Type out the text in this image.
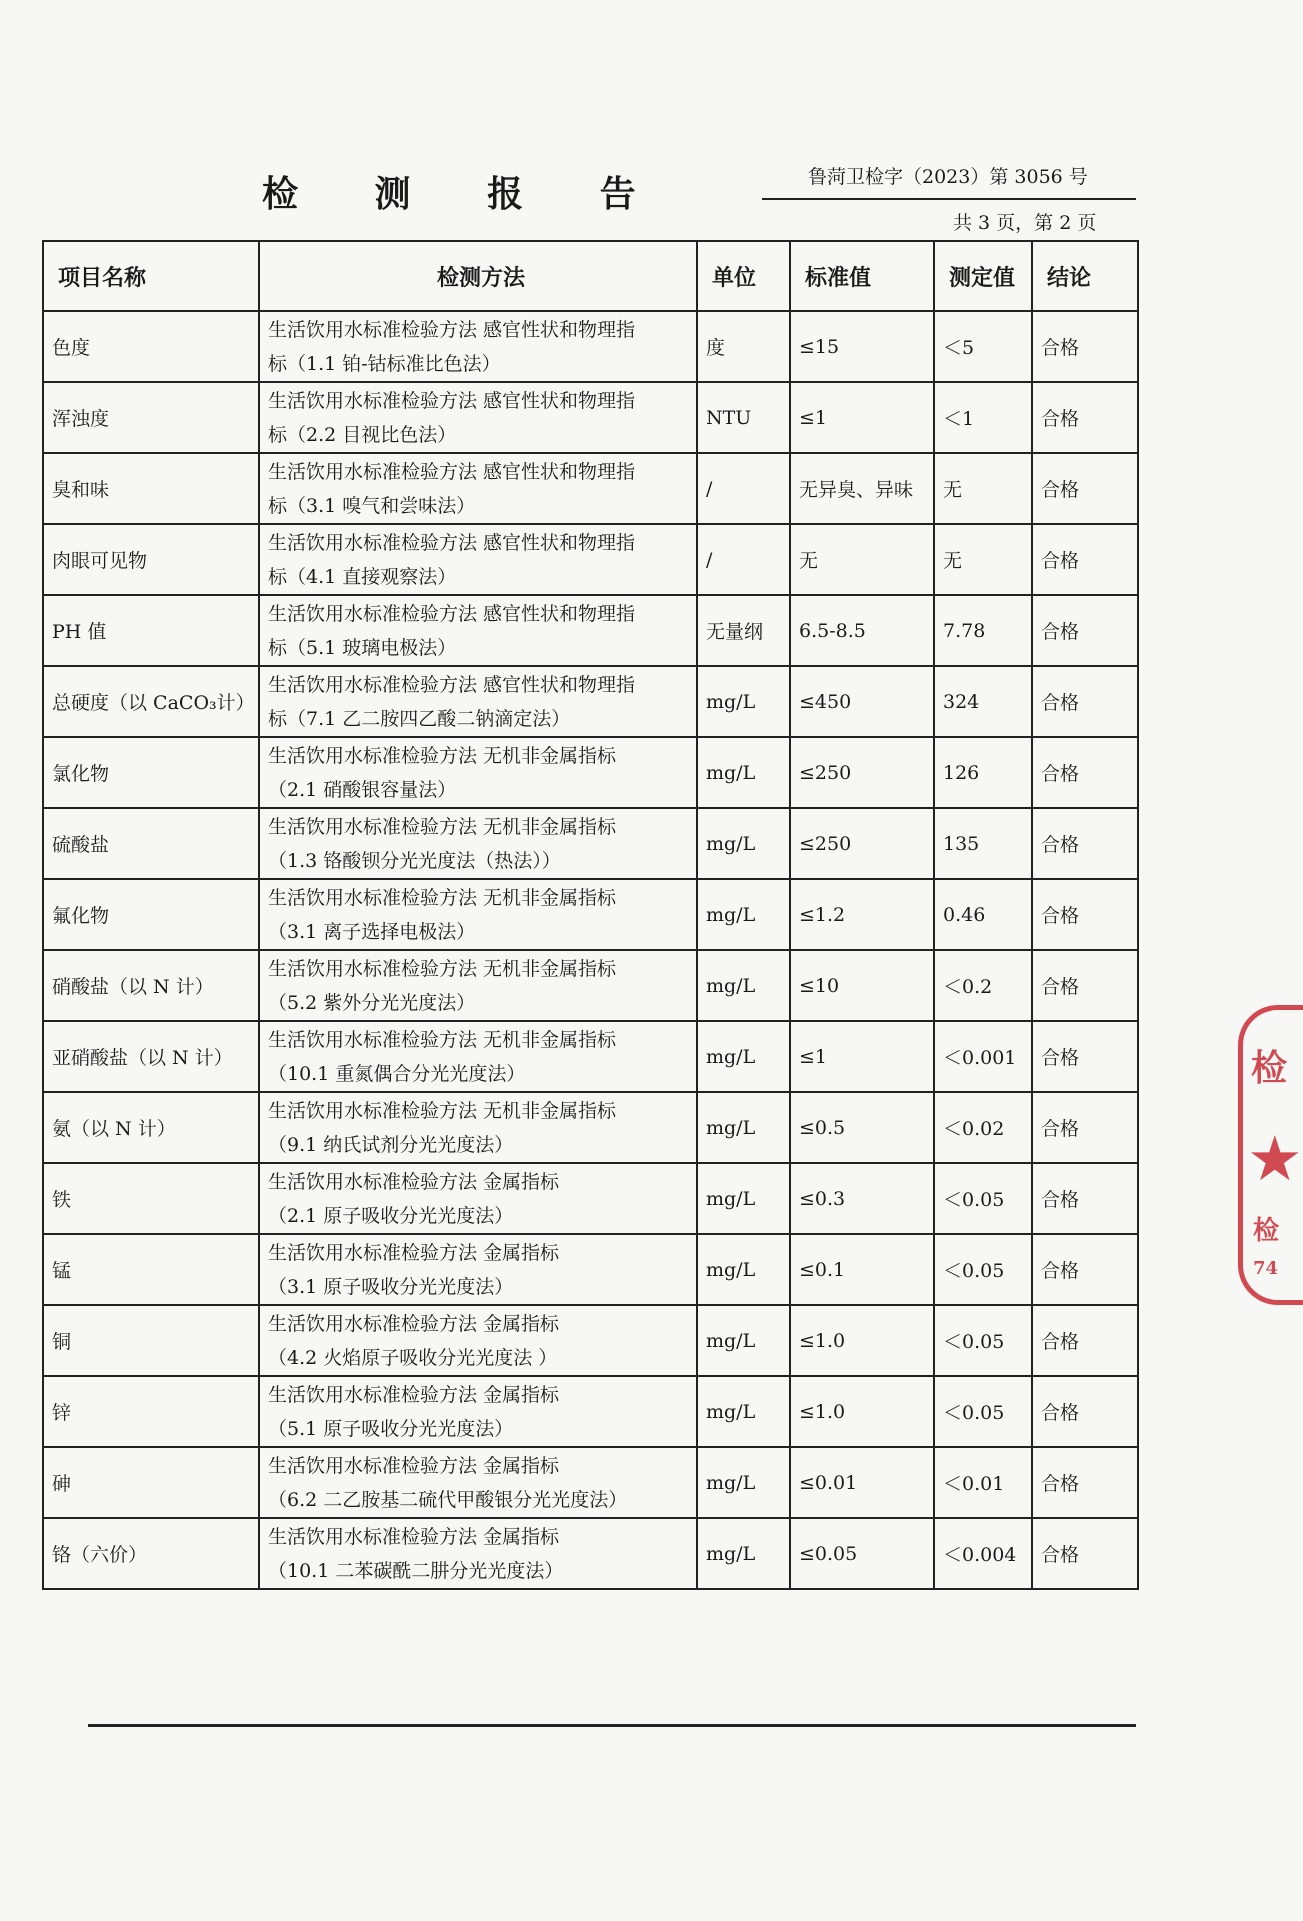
检 测 报 告	鲁菏卫检字（2023）第 3056 号
共 3 页，第 2 页
项目名称	检测方法	单位	标准值	测定值	结论
色度	生活饮用水标准检验方法 感官性状和物理指
标（1.1 铂-钴标准比色法）	度	≤15	＜5	合格
浑浊度	生活饮用水标准检验方法 感官性状和物理指
标（2.2 目视比色法）	NTU	≤1	＜1	合格
臭和味	生活饮用水标准检验方法 感官性状和物理指
标（3.1 嗅气和尝味法）	/	无异臭、异味	无	合格
肉眼可见物	生活饮用水标准检验方法 感官性状和物理指
标（4.1 直接观察法）	/	无	无	合格
PH 值	生活饮用水标准检验方法 感官性状和物理指
标（5.1 玻璃电极法）	无量纲	6.5-8.5	7.78	合格
总硬度（以 CaCO₃计）	生活饮用水标准检验方法 感官性状和物理指
标（7.1 乙二胺四乙酸二钠滴定法）	mg/L	≤450	324	合格
氯化物	生活饮用水标准检验方法 无机非金属指标
（2.1 硝酸银容量法）	mg/L	≤250	126	合格
硫酸盐	生活饮用水标准检验方法 无机非金属指标
（1.3 铬酸钡分光光度法（热法））	mg/L	≤250	135	合格
氟化物	生活饮用水标准检验方法 无机非金属指标
（3.1 离子选择电极法）	mg/L	≤1.2	0.46	合格
硝酸盐（以 N 计）	生活饮用水标准检验方法 无机非金属指标
（5.2 紫外分光光度法）	mg/L	≤10	＜0.2	合格
亚硝酸盐（以 N 计）	生活饮用水标准检验方法 无机非金属指标
（10.1 重氮偶合分光光度法）	mg/L	≤1	＜0.001	合格
氨（以 N 计）	生活饮用水标准检验方法 无机非金属指标
（9.1 纳氏试剂分光光度法）	mg/L	≤0.5	＜0.02	合格
铁	生活饮用水标准检验方法 金属指标
（2.1 原子吸收分光光度法）	mg/L	≤0.3	＜0.05	合格
锰	生活饮用水标准检验方法 金属指标
（3.1 原子吸收分光光度法）	mg/L	≤0.1	＜0.05	合格
铜	生活饮用水标准检验方法 金属指标
（4.2 火焰原子吸收分光光度法 ）	mg/L	≤1.0	＜0.05	合格
锌	生活饮用水标准检验方法 金属指标
（5.1 原子吸收分光光度法）	mg/L	≤1.0	＜0.05	合格
砷	生活饮用水标准检验方法 金属指标
（6.2 二乙胺基二硫代甲酸银分光光度法）	mg/L	≤0.01	＜0.01	合格
铬（六价）	生活饮用水标准检验方法 金属指标
（10.1 二苯碳酰二肼分光光度法）	mg/L	≤0.05	＜0.004	合格
检
★
检
74
